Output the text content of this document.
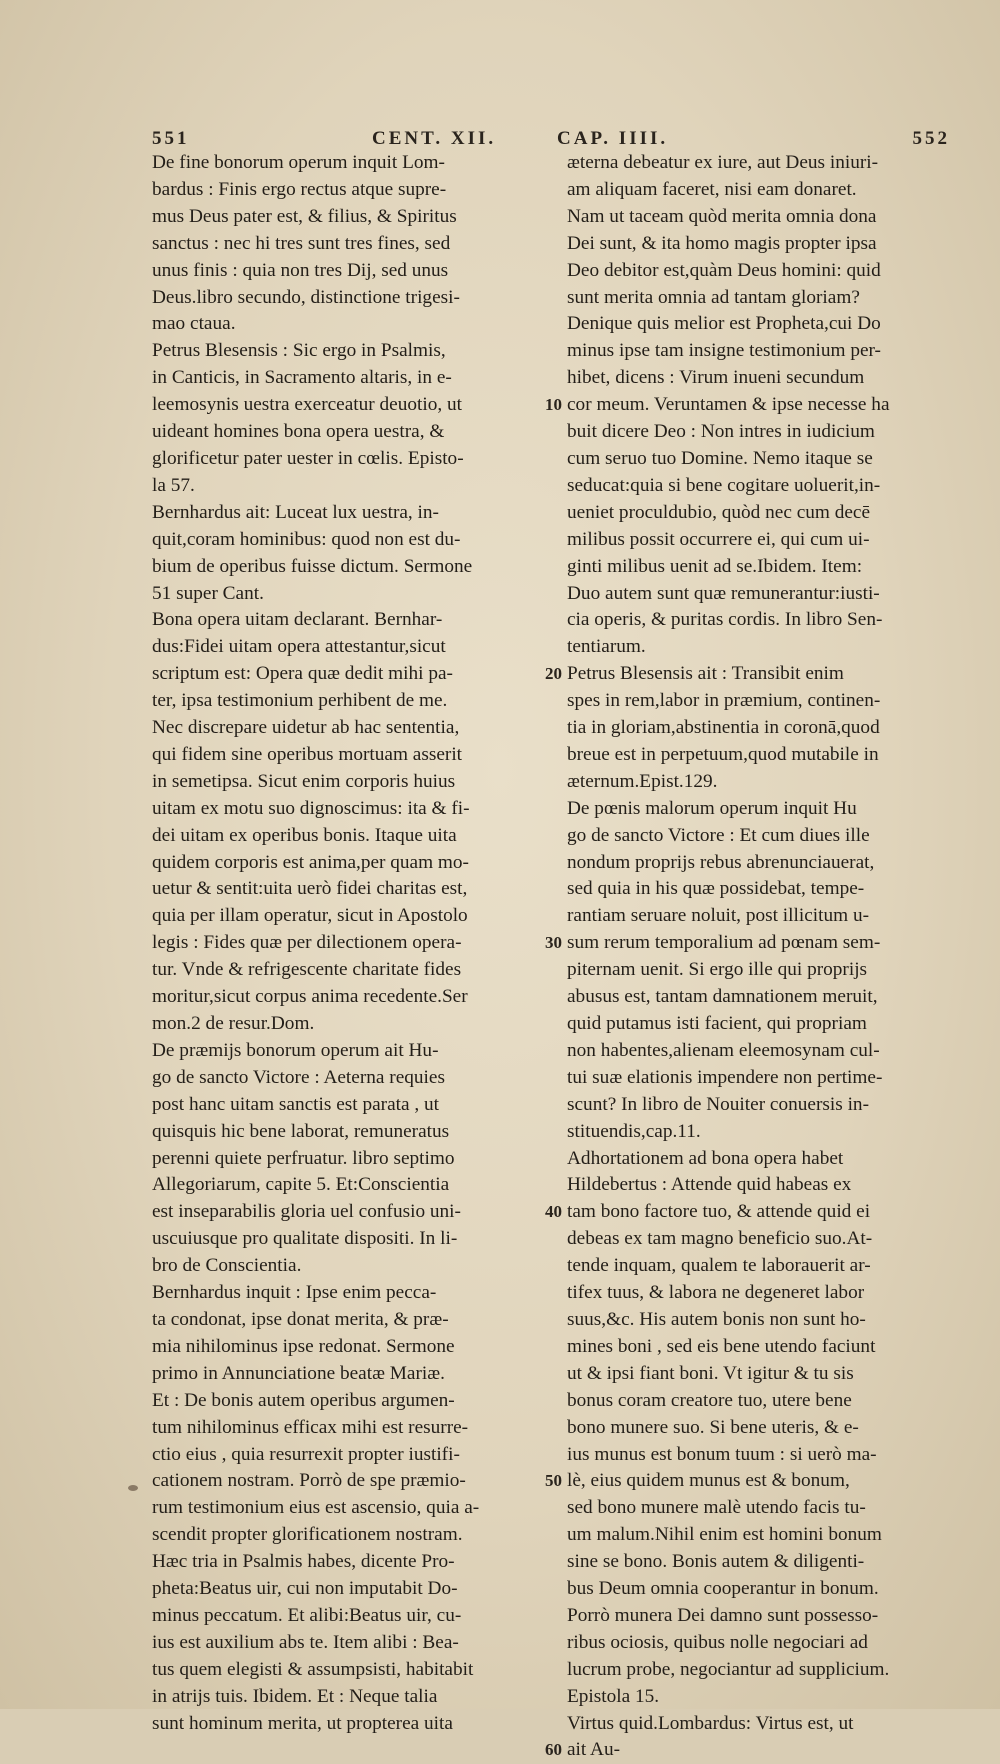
551	CENT. XII.	CAP. IIII.	552

De fine bonorum operum inquit Lom-

bardus : Finis ergo rectus atque supre-

mus Deus pater est, & filius, & Spiritus

sanctus : nec hi tres sunt tres fines, sed

unus finis : quia non tres Dij, sed unus

Deus.libro secundo, distinctione trigesi-

mao ctaua.

Petrus Blesensis : Sic ergo in Psalmis,

in Canticis, in Sacramento altaris, in e-

leemosynis uestra exerceatur deuotio, ut

uideant homines bona opera uestra, &

glorificetur pater uester in cœlis. Episto-

la 57.

Bernhardus ait: Luceat lux uestra, in-

quit,coram hominibus: quod non est du-

bium de operibus fuisse dictum. Sermone

51 super Cant.

Bona opera uitam declarant. Bernhar-

dus:Fidei uitam opera attestantur,sicut

scriptum est: Opera quæ dedit mihi pa-

ter, ipsa testimonium perhibent de me.

Nec discrepare uidetur ab hac sententia,

qui fidem sine operibus mortuam asserit

in semetipsa. Sicut enim corporis huius

uitam ex motu suo dignoscimus: ita & fi-

dei uitam ex operibus bonis. Itaque uita

quidem corporis est anima,per quam mo-

uetur & sentit:uita uerò fidei charitas est,

quia per illam operatur, sicut in Apostolo

legis : Fides quæ per dilectionem opera-

tur. Vnde & refrigescente charitate fides

moritur,sicut corpus anima recedente.Ser

mon.2 de resur.Dom.

De præmijs bonorum operum ait Hu-

go de sancto Victore : Aeterna requies

post hanc uitam sanctis est parata , ut

quisquis hic bene laborat, remuneratus

perenni quiete perfruatur. libro septimo

Allegoriarum, capite 5. Et:Conscientia

est inseparabilis gloria uel confusio uni-

uscuiusque pro qualitate dispositi. In li-

bro de Conscientia.

Bernhardus inquit : Ipse enim pecca-

ta condonat, ipse donat merita, & præ-

mia nihilominus ipse redonat. Sermone

primo in Annunciatione beatæ Mariæ.

Et : De bonis autem operibus argumen-

tum nihilominus efficax mihi est resurre-

ctio eius , quia resurrexit propter iustifi-

cationem nostram. Porrò de spe præmio-

rum testimonium eius est ascensio, quia a-

scendit propter glorificationem nostram.

Hæc tria in Psalmis habes, dicente Pro-

pheta:Beatus uir, cui non imputabit Do-

minus peccatum. Et alibi:Beatus uir, cu-

ius est auxilium abs te. Item alibi : Bea-

tus quem elegisti & assumpsisti, habitabit

in atrijs tuis. Ibidem. Et : Neque talia

sunt hominum merita, ut propterea uita

æterna debeatur ex iure, aut Deus iniuri-

am aliquam faceret, nisi eam donaret.

Nam ut taceam quòd merita omnia dona

Dei sunt, & ita homo magis propter ipsa

Deo debitor est,quàm Deus homini: quid

sunt merita omnia ad tantam gloriam?

Denique quis melior est Propheta,cui Do

minus ipse tam insigne testimonium per-

hibet, dicens : Virum inueni secundum

cor meum. Veruntamen & ipse necesse ha

buit dicere Deo : Non intres in iudicium

cum seruo tuo Domine. Nemo itaque se

seducat:quia si bene cogitare uoluerit,in-

ueniet proculdubio, quòd nec cum decē

milibus possit occurrere ei, qui cum ui-

ginti milibus uenit ad se.Ibidem. Item:

Duo autem sunt quæ remunerantur:iusti-

cia operis, & puritas cordis. In libro Sen-

tentiarum.

Petrus Blesensis ait : Transibit enim

spes in rem,labor in præmium, continen-

tia in gloriam,abstinentia in coronā,quod

breue est in perpetuum,quod mutabile in

æternum.Epist.129.

De pœnis malorum operum inquit Hu

go de sancto Victore : Et cum diues ille

nondum proprijs rebus abrenunciauerat,

sed quia in his quæ possidebat, tempe-

rantiam seruare noluit, post illicitum u-

sum rerum temporalium ad pœnam sem-

piternam uenit. Si ergo ille qui proprijs

abusus est, tantam damnationem meruit,

quid putamus isti facient, qui propriam

non habentes,alienam eleemosynam cul-

tui suæ elationis impendere non pertime-

scunt? In libro de Nouiter conuersis in-

stituendis,cap.11.

Adhortationem ad bona opera habet

Hildebertus : Attende quid habeas ex

tam bono factore tuo, & attende quid ei

debeas ex tam magno beneficio suo.At-

tende inquam, qualem te laborauerit ar-

tifex tuus, & labora ne degeneret labor

suus,&c. His autem bonis non sunt ho-

mines boni , sed eis bene utendo faciunt

ut & ipsi fiant boni. Vt igitur & tu sis

bonus coram creatore tuo, utere bene

bono munere suo. Si bene uteris, & e-

ius munus est bonum tuum : si uerò ma-

lè, eius quidem munus est & bonum,

sed bono munere malè utendo facis tu-

um malum.Nihil enim est homini bonum

sine se bono. Bonis autem & diligenti-

bus Deum omnia cooperantur in bonum.

Porrò munera Dei damno sunt possesso-

ribus ociosis, quibus nolle negociari ad

lucrum probe, negociantur ad supplicium.

Epistola 15.

Virtus quid.Lombardus: Virtus est, ut

ait Au-

10
20
30
40
50
60
